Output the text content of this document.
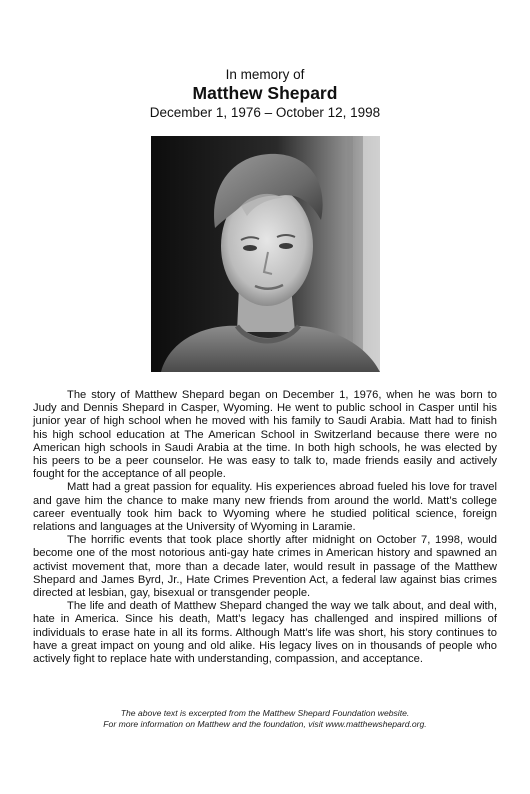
In memory of
Matthew Shepard
December 1, 1976 – October 12, 1998

The story of Matthew Shepard began on December 1, 1976, when he was born to Judy and Dennis Shepard in Casper, Wyoming. He went to public school in Casper until his junior year of high school when he moved with his family to Saudi Arabia. Matt had to finish his high school education at The American School in Switzerland because there were no American high schools in Saudi Arabia at the time. In both high schools, he was elected by his peers to be a peer counselor. He was easy to talk to, made friends easily and actively fought for the acceptance of all people.

Matt had a great passion for equality. His experiences abroad fueled his love for travel and gave him the chance to make many new friends from around the world. Matt’s college career eventually took him back to Wyoming where he studied political science, foreign relations and languages at the University of Wyoming in Laramie.

The horrific events that took place shortly after midnight on October 7, 1998, would become one of the most notorious anti-gay hate crimes in American history and spawned an activist movement that, more than a decade later, would result in passage of the Matthew Shepard and James Byrd, Jr., Hate Crimes Prevention Act, a federal law against bias crimes directed at lesbian, gay, bisexual or transgender people.

The life and death of Matthew Shepard changed the way we talk about, and deal with, hate in America. Since his death, Matt’s legacy has challenged and inspired millions of individuals to erase hate in all its forms. Although Matt’s life was short, his story continues to have a great impact on young and old alike. His legacy lives on in thousands of people who actively fight to replace hate with understanding, compassion, and acceptance.

The above text is excerpted from the Matthew Shepard Foundation website.
For more information on Matthew and the foundation, visit www.matthewshepard.org.
